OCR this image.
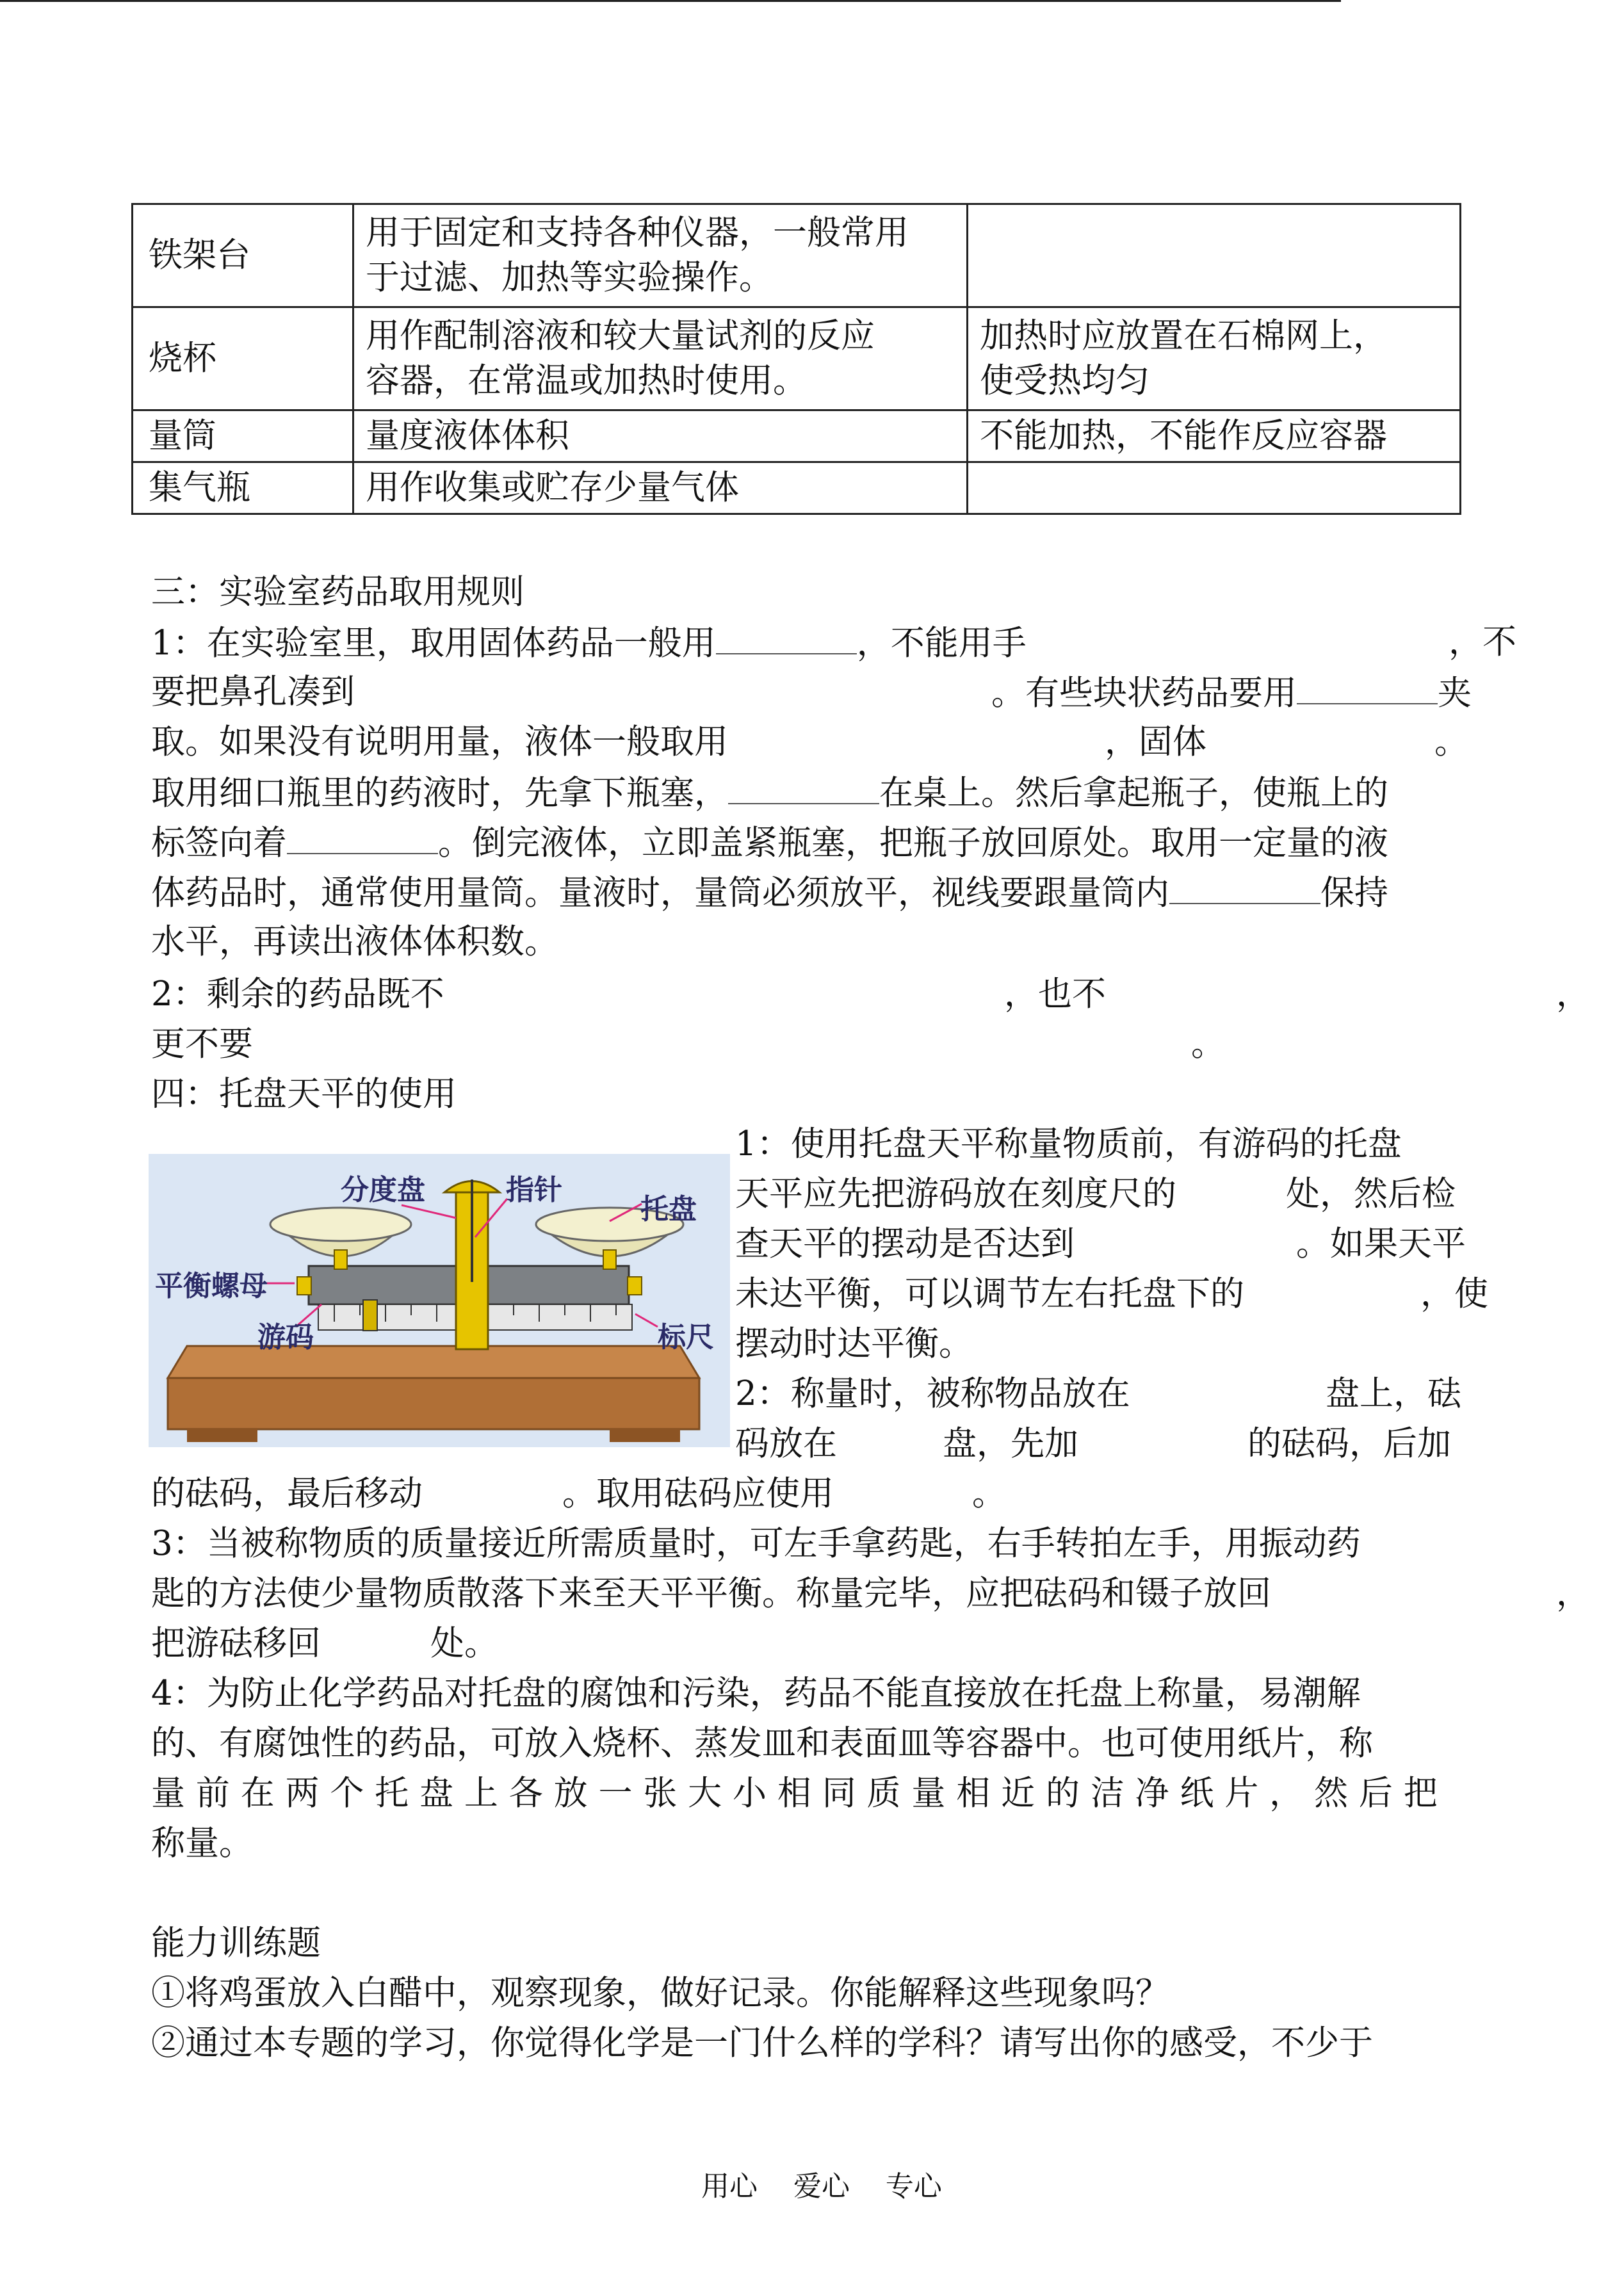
铁架台	用于固定和支持各种仪器，一般常用
于过滤、加热等实验操作。	
烧杯	用作配制溶液和较大量试剂的反应
容器，在常温或加热时使用。	加热时应放置在石棉网上，
使受热均匀
量筒	量度液体体积	不能加热，不能作反应容器
集气瓶	用作收集或贮存少量气体	
三：实验室药品取用规则
1：在实验室里，取用固体药品一般用	，不能用手	，不
要把鼻孔凑到	。有些块状药品要用	夹
取。如果没有说明用量，液体一般取用	，固体	。
取用细口瓶里的药液时，先拿下瓶塞，	在桌上。然后拿起瓶子，使瓶上的
标签向着	。倒完液体，立即盖紧瓶塞，把瓶子放回原处。取用一定量的液
体药品时，通常使用量筒。量液时，量筒必须放平，视线要跟量筒内	保持
水平，再读出液体体积数。
2：剩余的药品既不	，也不	，
更不要	。
四：托盘天平的使用
分度盘	指针
托盘
平衡螺母
游码	标尺
1：使用托盘天平称量物质前，有游码的托盘
天平应先把游码放在刻度尺的	处，然后检
查天平的摆动是否达到	。如果天平
未达平衡，可以调节左右托盘下的	，使
摆动时达平衡。
2：称量时，被称物品放在	盘上，砝
码放在	盘，先加	的砝码，后加
的砝码，最后移动	。取用砝码应使用	。
3：当被称物质的质量接近所需质量时，可左手拿药匙，右手转拍左手，用振动药
匙的方法使少量物质散落下来至天平平衡。称量完毕，应把砝码和镊子放回	，
把游砝移回	处。
4：为防止化学药品对托盘的腐蚀和污染，药品不能直接放在托盘上称量，易潮解
的、有腐蚀性的药品，可放入烧杯、蒸发皿和表面皿等容器中。也可使用纸片，称
量 前 在 两 个 托 盘 上 各 放 一 张 大 小 相 同 质 量 相 近 的 洁 净 纸 片 ， 然 后 把
称量。
能力训练题
①将鸡蛋放入白醋中，观察现象，做好记录。你能解释这些现象吗？
②通过本专题的学习，你觉得化学是一门什么样的学科？请写出你的感受，不少于
用心    爱心    专心
